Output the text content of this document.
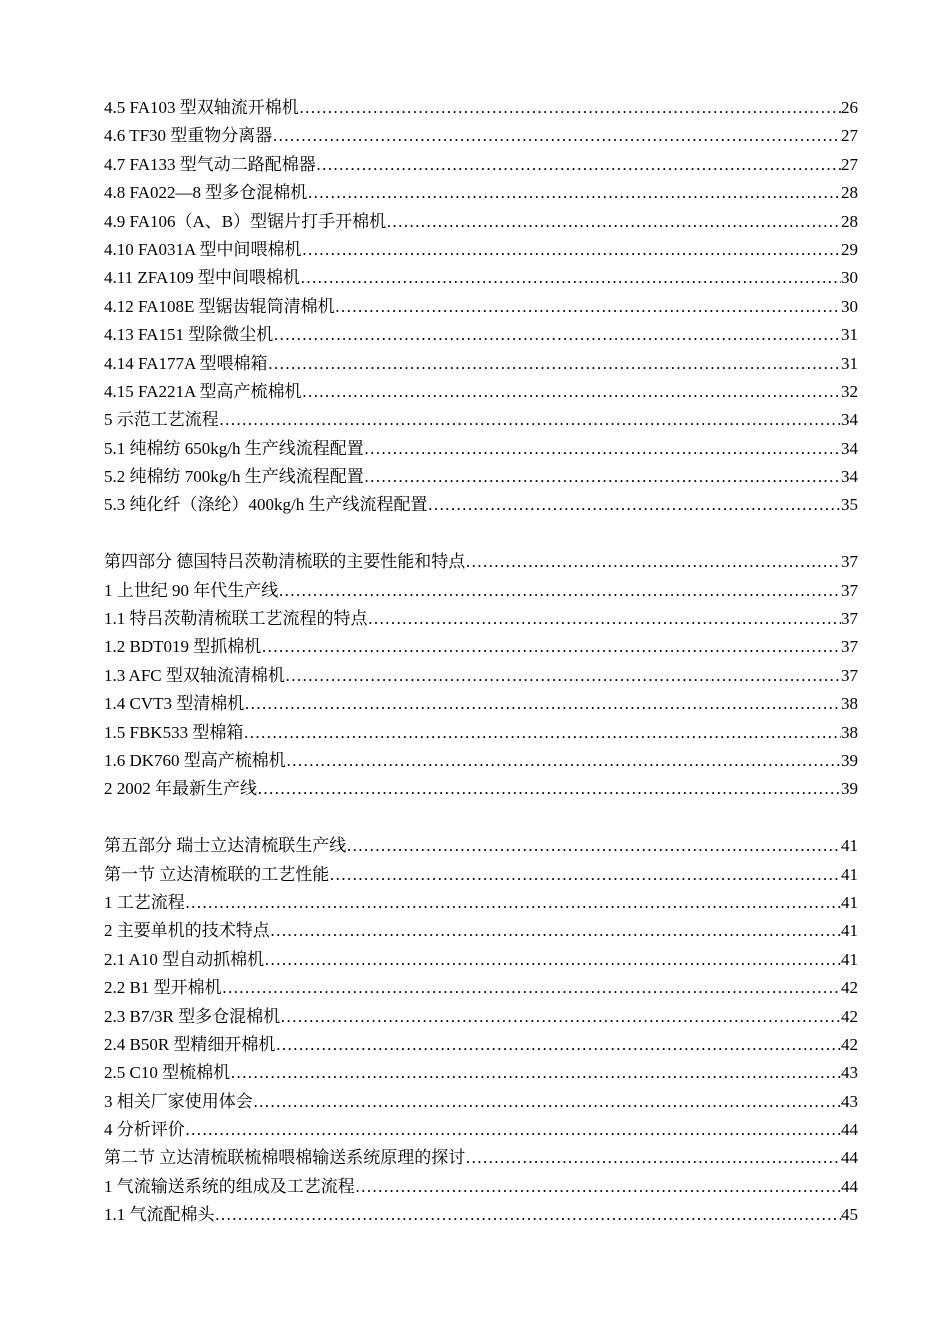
4.5 FA103 型双轴流开棉机 ……………………………………………………………………………………………………………………………………………………………………………………………………………………	26
4.6 TF30 型重物分离器 ……………………………………………………………………………………………………………………………………………………………………………………………………………………	27
4.7 FA133 型气动二路配棉器 ……………………………………………………………………………………………………………………………………………………………………………………………………………………	27
4.8 FA022—8 型多仓混棉机 ……………………………………………………………………………………………………………………………………………………………………………………………………………………	28
4.9 FA106（A、B）型锯片打手开棉机 ……………………………………………………………………………………………………………………………………………………………………………………………………………………	28
4.10 FA031A 型中间喂棉机 ……………………………………………………………………………………………………………………………………………………………………………………………………………………	29
4.11 ZFA109 型中间喂棉机 ……………………………………………………………………………………………………………………………………………………………………………………………………………………	30
4.12 FA108E 型锯齿辊筒清棉机 ……………………………………………………………………………………………………………………………………………………………………………………………………………………	30
4.13 FA151 型除微尘机 ……………………………………………………………………………………………………………………………………………………………………………………………………………………	31
4.14 FA177A 型喂棉箱 ……………………………………………………………………………………………………………………………………………………………………………………………………………………	31
4.15 FA221A 型高产梳棉机 ……………………………………………………………………………………………………………………………………………………………………………………………………………………	32
5 示范工艺流程 ……………………………………………………………………………………………………………………………………………………………………………………………………………………	34
5.1 纯棉纺 650kg/h 生产线流程配置 ……………………………………………………………………………………………………………………………………………………………………………………………………………………	34
5.2 纯棉纺 700kg/h 生产线流程配置 ……………………………………………………………………………………………………………………………………………………………………………………………………………………	34
5.3 纯化纤（涤纶）400kg/h 生产线流程配置 ……………………………………………………………………………………………………………………………………………………………………………………………………………………	35
第四部分 德国特吕茨勒清梳联的主要性能和特点 ……………………………………………………………………………………………………………………………………………………………………………………………………………………	37
1 上世纪 90 年代生产线 ……………………………………………………………………………………………………………………………………………………………………………………………………………………	37
1.1 特吕茨勒清梳联工艺流程的特点 ……………………………………………………………………………………………………………………………………………………………………………………………………………………	37
1.2 BDT019 型抓棉机 ……………………………………………………………………………………………………………………………………………………………………………………………………………………	37
1.3 AFC 型双轴流清棉机 ……………………………………………………………………………………………………………………………………………………………………………………………………………………	37
1.4 CVT3 型清棉机 ……………………………………………………………………………………………………………………………………………………………………………………………………………………	38
1.5 FBK533 型棉箱 ……………………………………………………………………………………………………………………………………………………………………………………………………………………	38
1.6 DK760 型高产梳棉机 ……………………………………………………………………………………………………………………………………………………………………………………………………………………	39
2 2002 年最新生产线 ……………………………………………………………………………………………………………………………………………………………………………………………………………………	39
第五部分 瑞士立达清梳联生产线 ……………………………………………………………………………………………………………………………………………………………………………………………………………………	41
第一节 立达清梳联的工艺性能 ……………………………………………………………………………………………………………………………………………………………………………………………………………………	41
1 工艺流程 ……………………………………………………………………………………………………………………………………………………………………………………………………………………	41
2 主要单机的技术特点 ……………………………………………………………………………………………………………………………………………………………………………………………………………………	41
2.1 A10 型自动抓棉机 ……………………………………………………………………………………………………………………………………………………………………………………………………………………	41
2.2 B1 型开棉机 ……………………………………………………………………………………………………………………………………………………………………………………………………………………	42
2.3 B7/3R 型多仓混棉机 ……………………………………………………………………………………………………………………………………………………………………………………………………………………	42
2.4 B50R 型精细开棉机 ……………………………………………………………………………………………………………………………………………………………………………………………………………………	42
2.5 C10 型梳棉机 ……………………………………………………………………………………………………………………………………………………………………………………………………………………	43
3 相关厂家使用体会 ……………………………………………………………………………………………………………………………………………………………………………………………………………………	43
4 分析评价 ……………………………………………………………………………………………………………………………………………………………………………………………………………………	44
第二节 立达清梳联梳棉喂棉输送系统原理的探讨 ……………………………………………………………………………………………………………………………………………………………………………………………………………………	44
1 气流输送系统的组成及工艺流程 ……………………………………………………………………………………………………………………………………………………………………………………………………………………	44
1.1 气流配棉头 ……………………………………………………………………………………………………………………………………………………………………………………………………………………	45
